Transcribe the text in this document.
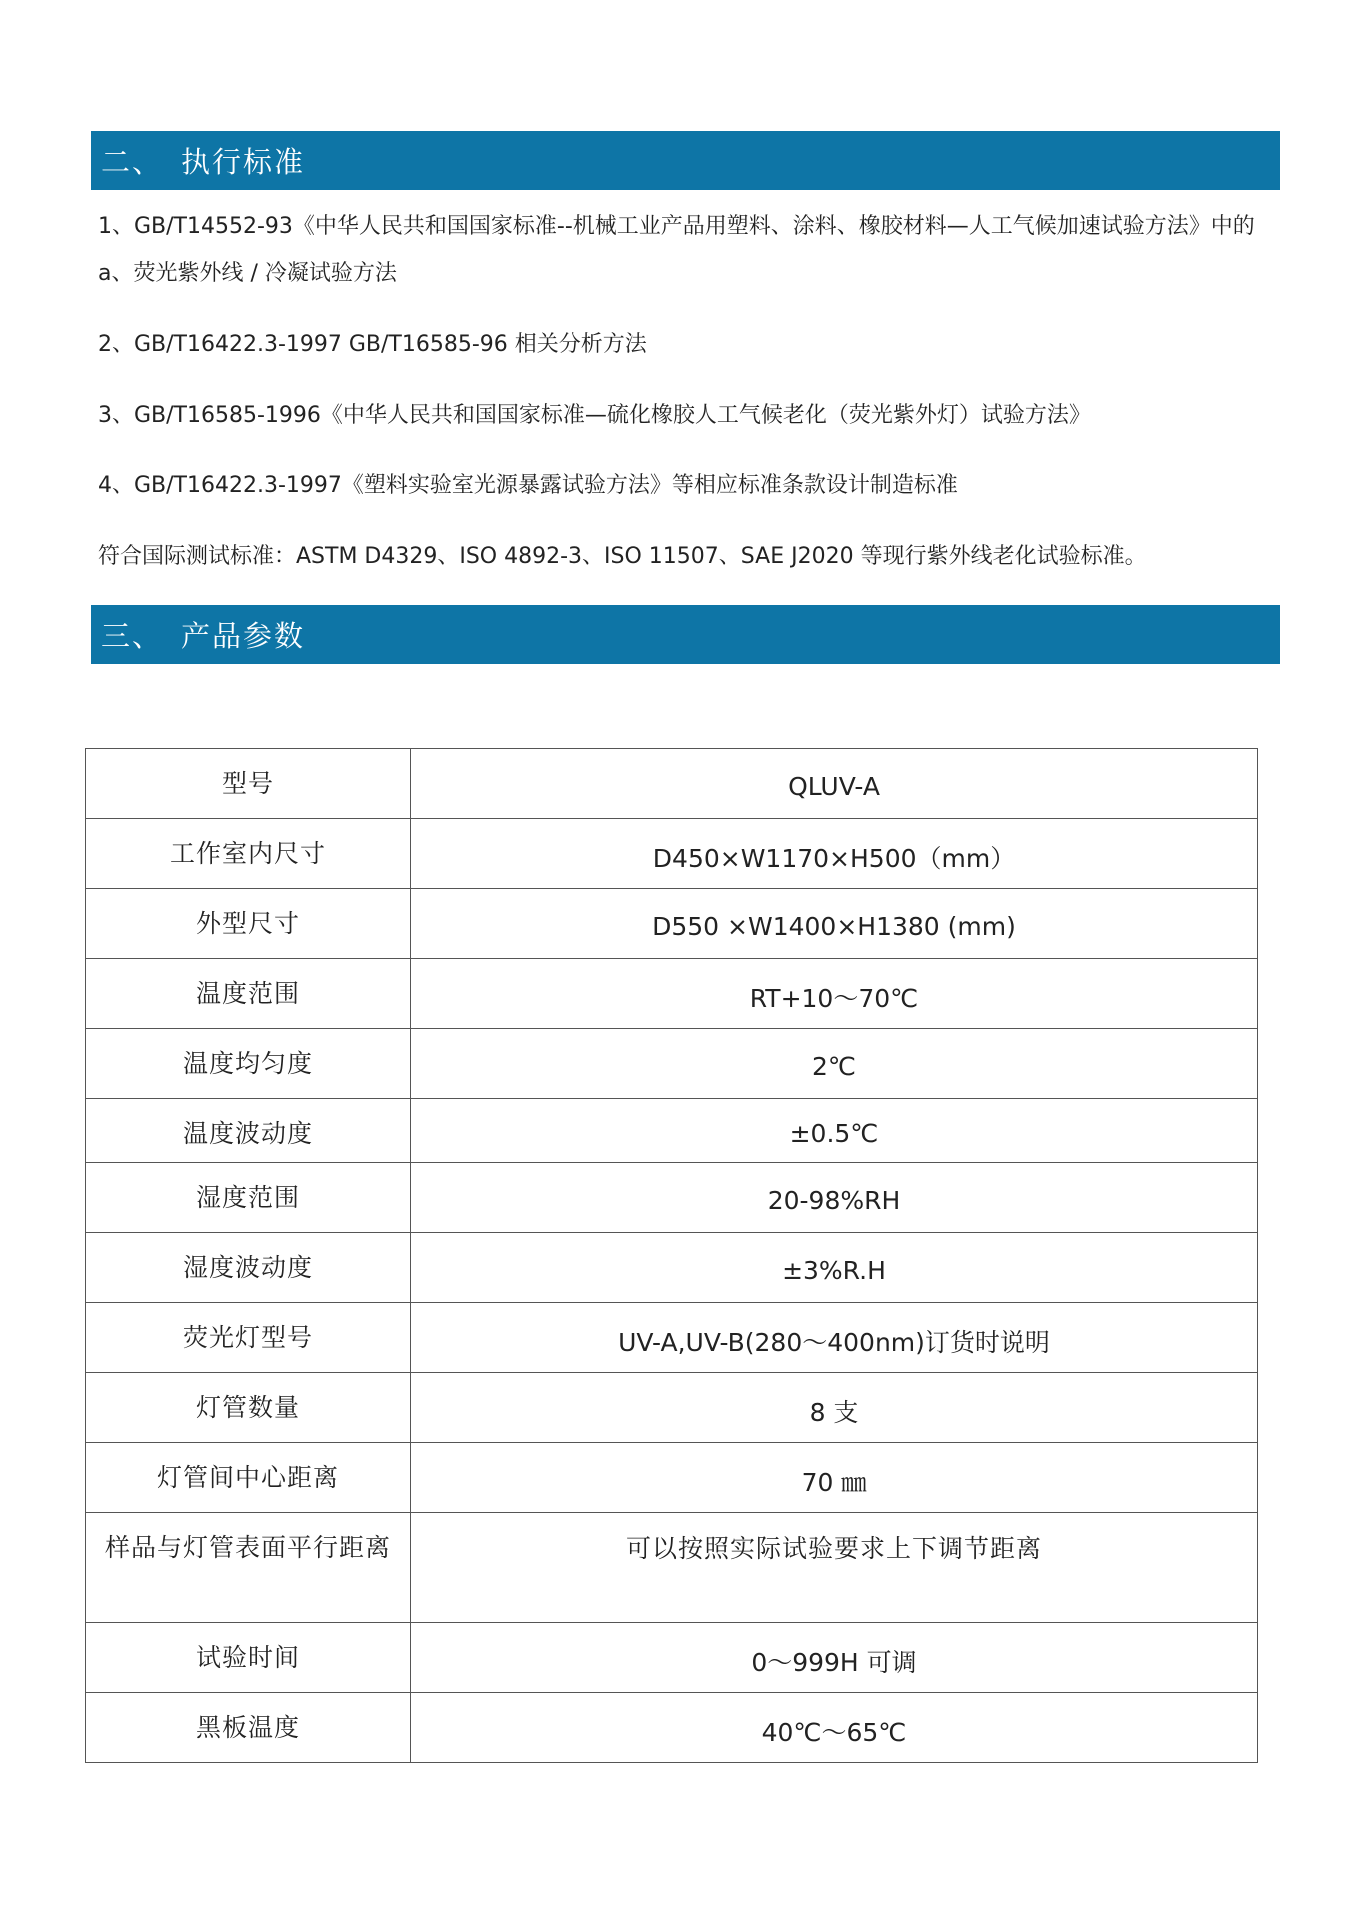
二、 执行标准

1、GB/T14552-93《中华人民共和国国家标准--机械工业产品用塑料、涂料、橡胶材料—人工气候加速试验方法》中的 a、荧光紫外线 / 冷凝试验方法

2、GB/T16422.3-1997 GB/T16585-96 相关分析方法

3、GB/T16585-1996《中华人民共和国国家标准—硫化橡胶人工气候老化（荧光紫外灯）试验方法》

4、GB/T16422.3-1997《塑料实验室光源暴露试验方法》等相应标准条款设计制造标准

符合国际测试标准：ASTM D4329、ISO 4892-3、ISO 11507、SAE J2020 等现行紫外线老化试验标准。

三、 产品参数
型号	QLUV-A
工作室内尺寸	D450×W1170×H500（mm）
外型尺寸	D550 ×W1400×H1380 (mm)
温度范围	RT+10～70℃
温度均匀度	2℃
温度波动度	±0.5℃
湿度范围	20-98%RH
湿度波动度	±3%R.H
荧光灯型号	UV-A,UV-B(280～400nm)订货时说明
灯管数量	8 支
灯管间中心距离	70 ㎜
样品与灯管表面平行距离	可以按照实际试验要求上下调节距离
试验时间	0～999H 可调
黑板温度	40℃～65℃
